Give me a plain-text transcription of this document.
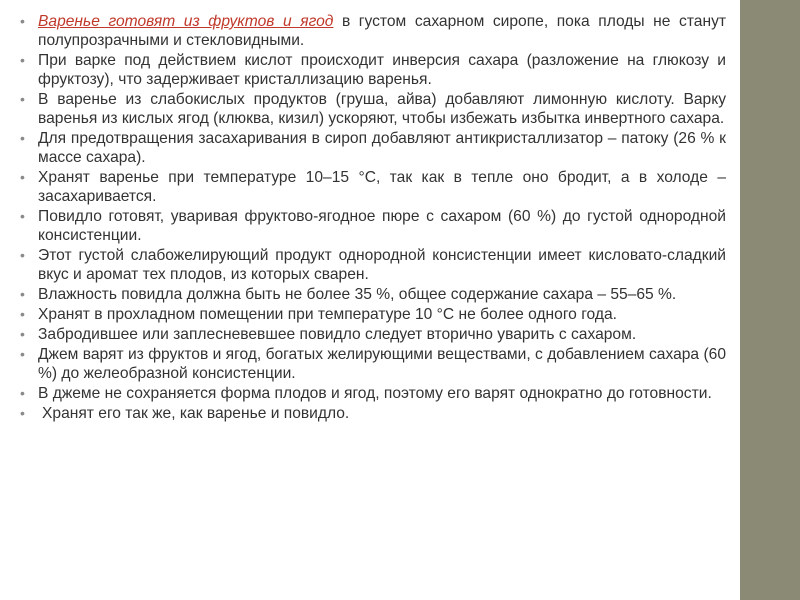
• Варенье готовят из фруктов и ягод в густом сахарном сиропе, пока плоды не станут полупрозрачными и стекловидными.
• При варке под действием кислот происходит инверсия сахара (разложение на глюкозу и фруктозу), что задерживает кристаллизацию варенья.
• В варенье из слабокислых продуктов (груша, айва) добавляют лимонную кислоту. Варку варенья из кислых ягод (клюква, кизил) ускоряют, чтобы избежать избытка инвертного сахара.
• Для предотвращения засахаривания в сироп добавляют антикристаллизатор – патоку (26 % к массе сахара).
• Хранят варенье при температуре 10–15 °С, так как в тепле оно бродит, а в холоде – засахаривается.
• Повидло готовят, уваривая фруктово-ягодное пюре с сахаром (60 %) до густой однородной консистенции.
• Этот густой слабожелирующий продукт однородной консистенции имеет кисловато-сладкий вкус и аромат тех плодов, из которых сварен.
• Влажность повидла должна быть не более 35 %, общее содержание сахара – 55–65 %.
• Хранят в прохладном помещении при температуре 10 °С не более одного года.
• Забродившее или заплесневевшее повидло следует вторично уварить с сахаром.
• Джем варят из фруктов и ягод, богатых желирующими веществами, с добавлением сахара (60 %) до желеобразной консистенции.
• В джеме не сохраняется форма плодов и ягод, поэтому его варят однократно до готовности.
• Хранят его так же, как варенье и повидло.
